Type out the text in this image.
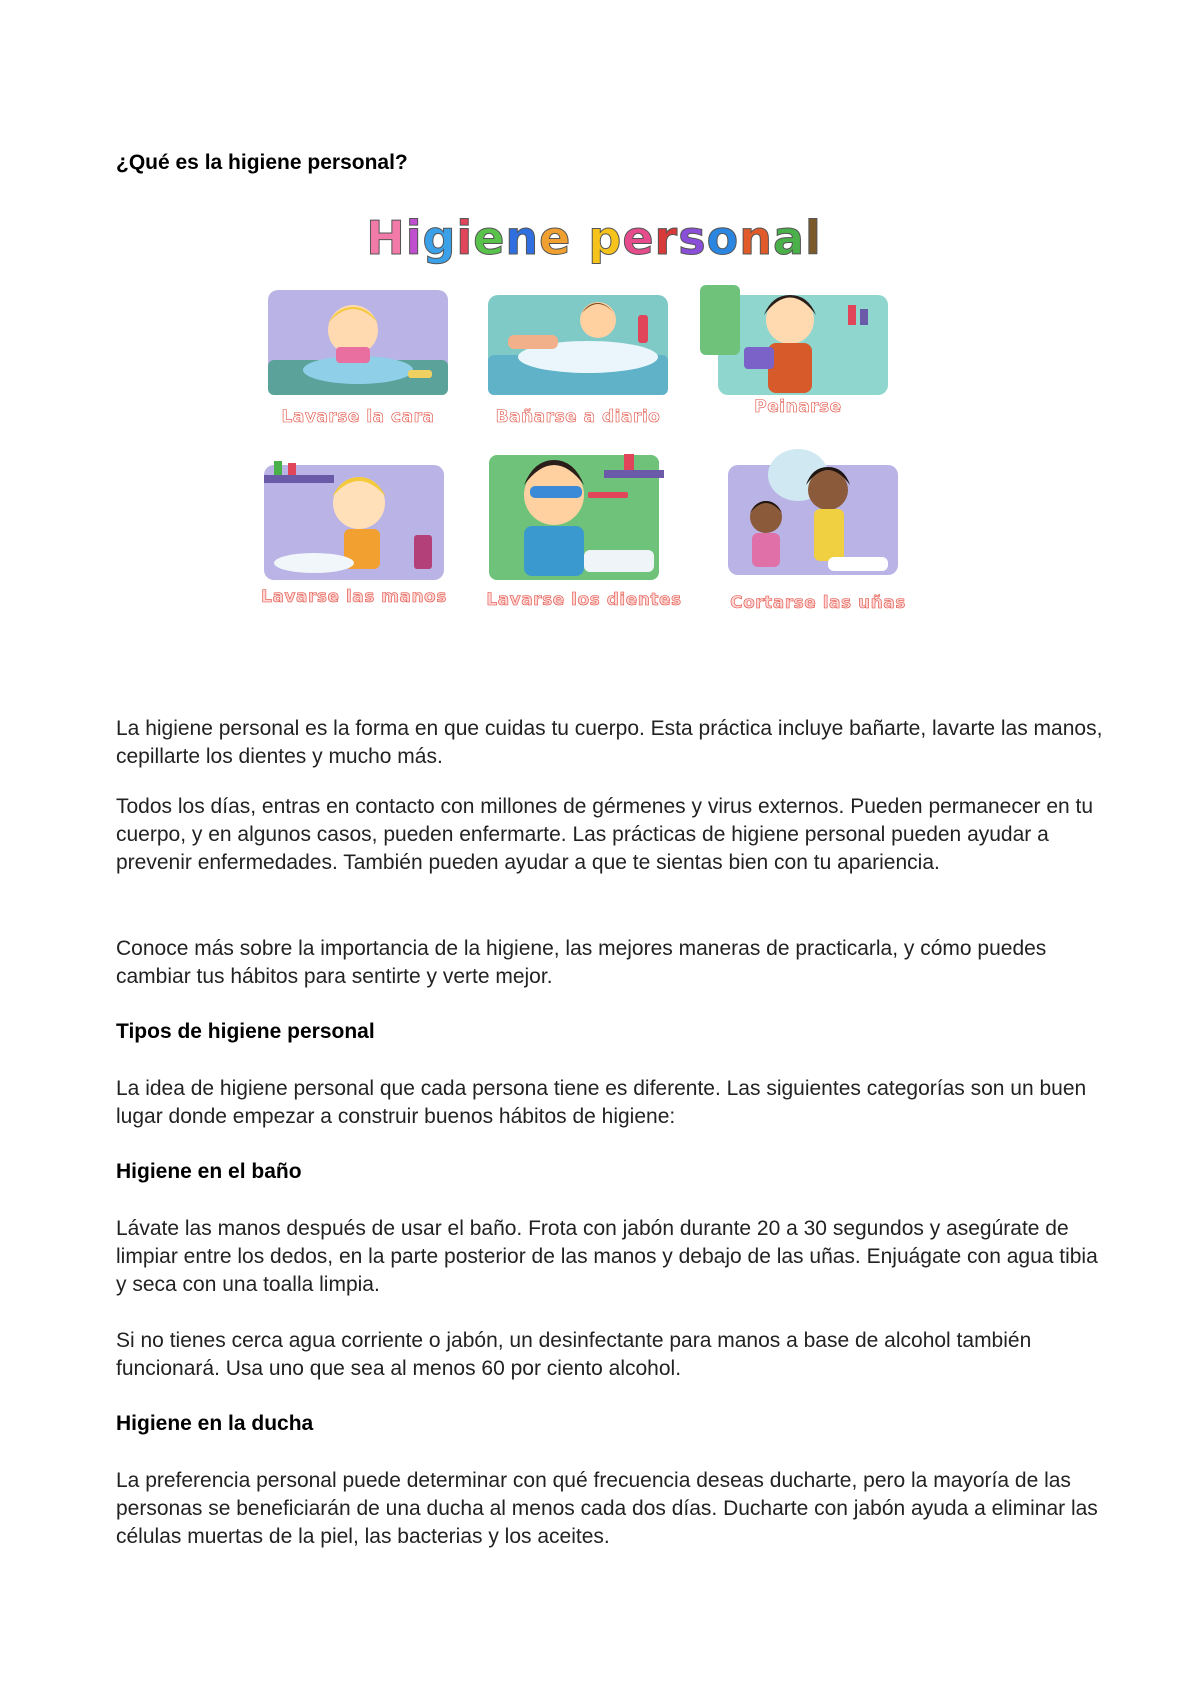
¿Qué es la higiene personal?
Higiene personal
Lavarse la cara	Bañarse a diario	Peinarse
Lavarse las manos	Lavarse los dientes	Cortarse las uñas

La higiene personal es la forma en que cuidas tu cuerpo. Esta práctica incluye bañarte, lavarte las manos, cepillarte los dientes y mucho más.

Todos los días, entras en contacto con millones de gérmenes y virus externos. Pueden permanecer en tu cuerpo, y en algunos casos, pueden enfermarte. Las prácticas de higiene personal pueden ayudar a prevenir enfermedades. También pueden ayudar a que te sientas bien con tu apariencia.

Conoce más sobre la importancia de la higiene, las mejores maneras de practicarla, y cómo puedes cambiar tus hábitos para sentirte y verte mejor.

Tipos de higiene personal

La idea de higiene personal que cada persona tiene es diferente. Las siguientes categorías son un buen lugar donde empezar a construir buenos hábitos de higiene:

Higiene en el baño

Lávate las manos después de usar el baño. Frota con jabón durante 20 a 30 segundos y asegúrate de limpiar entre los dedos, en la parte posterior de las manos y debajo de las uñas. Enjuágate con agua tibia y seca con una toalla limpia.

Si no tienes cerca agua corriente o jabón, un desinfectante para manos a base de alcohol también funcionará. Usa uno que sea al menos 60 por ciento alcohol.

Higiene en la ducha

La preferencia personal puede determinar con qué frecuencia deseas ducharte, pero la mayoría de las personas se beneficiarán de una ducha al menos cada dos días. Ducharte con jabón ayuda a eliminar las células muertas de la piel, las bacterias y los aceites.
